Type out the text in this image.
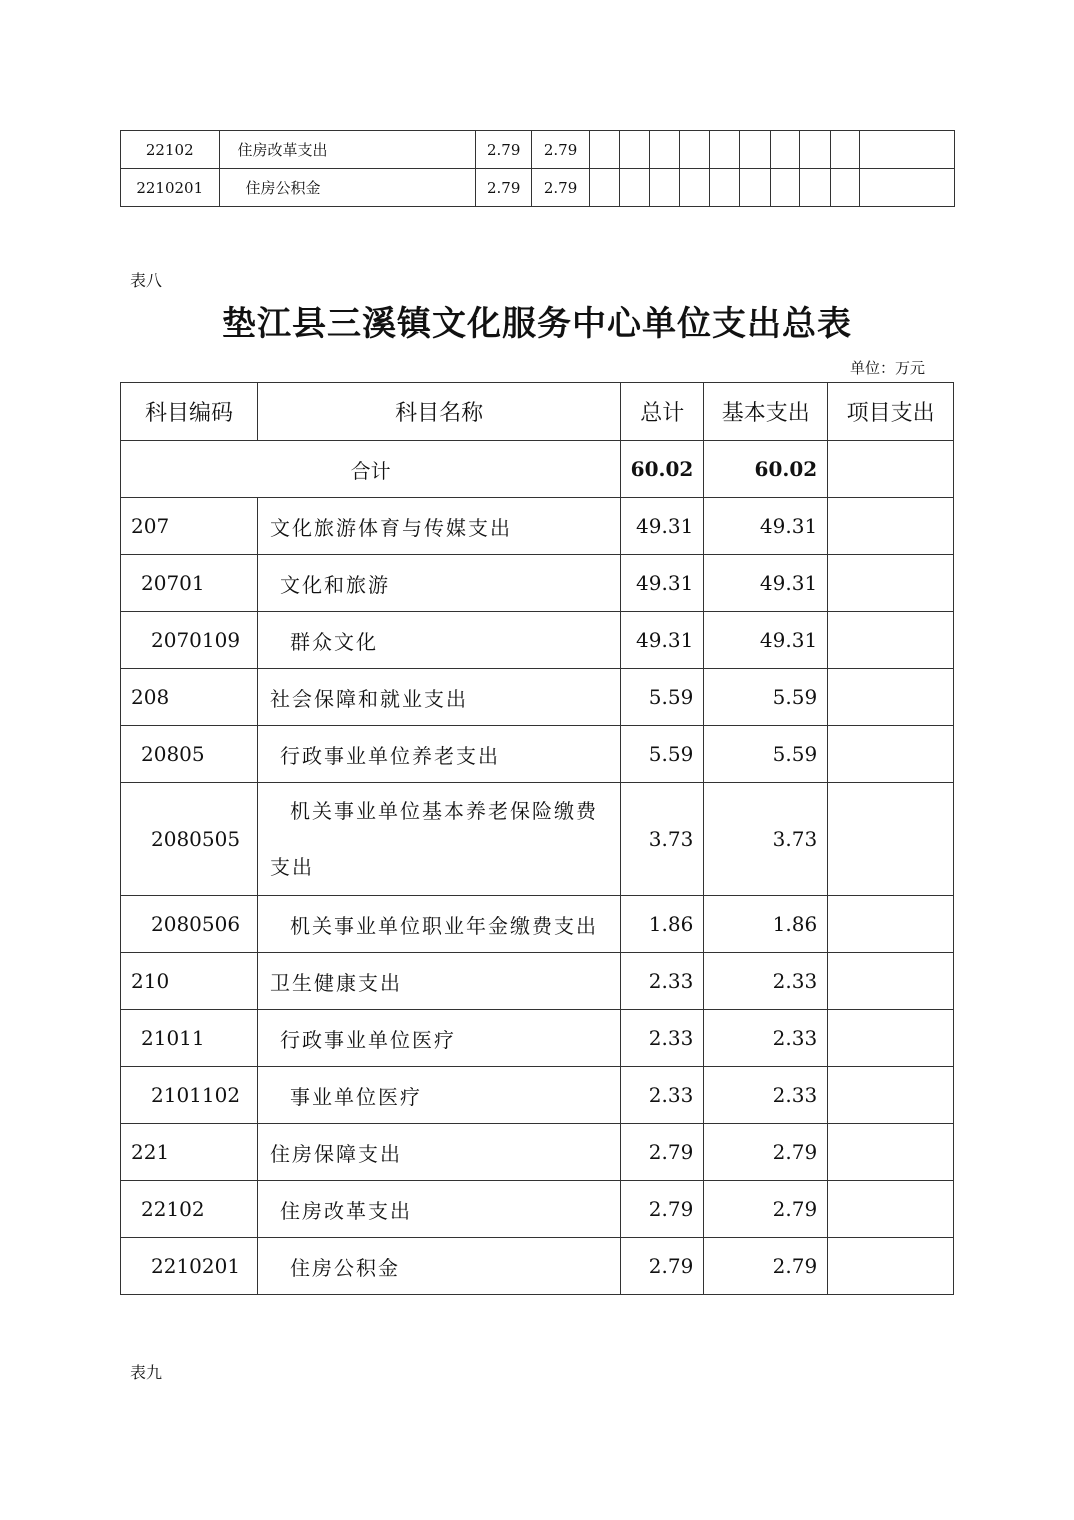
22102	住房改革支出	2.79	2.79										
2210201	住房公积金	2.79	2.79										
表八
垫江县三溪镇文化服务中心单位支出总表
单位：万元
科目编码	科目名称	总计	基本支出	项目支出
合计		60.02	60.02	
207	文化旅游体育与传媒支出	49.31	49.31	
20701	文化和旅游	49.31	49.31	
2070109	群众文化	49.31	49.31	
208	社会保障和就业支出	5.59	5.59	
20805	行政事业单位养老支出	5.59	5.59	
2080505	机关事业单位基本养老保险缴费支出	3.73	3.73	
2080506	机关事业单位职业年金缴费支出	1.86	1.86	
210	卫生健康支出	2.33	2.33	
21011	行政事业单位医疗	2.33	2.33	
2101102	事业单位医疗	2.33	2.33	
221	住房保障支出	2.79	2.79	
22102	住房改革支出	2.79	2.79	
2210201	住房公积金	2.79	2.79	
表九
